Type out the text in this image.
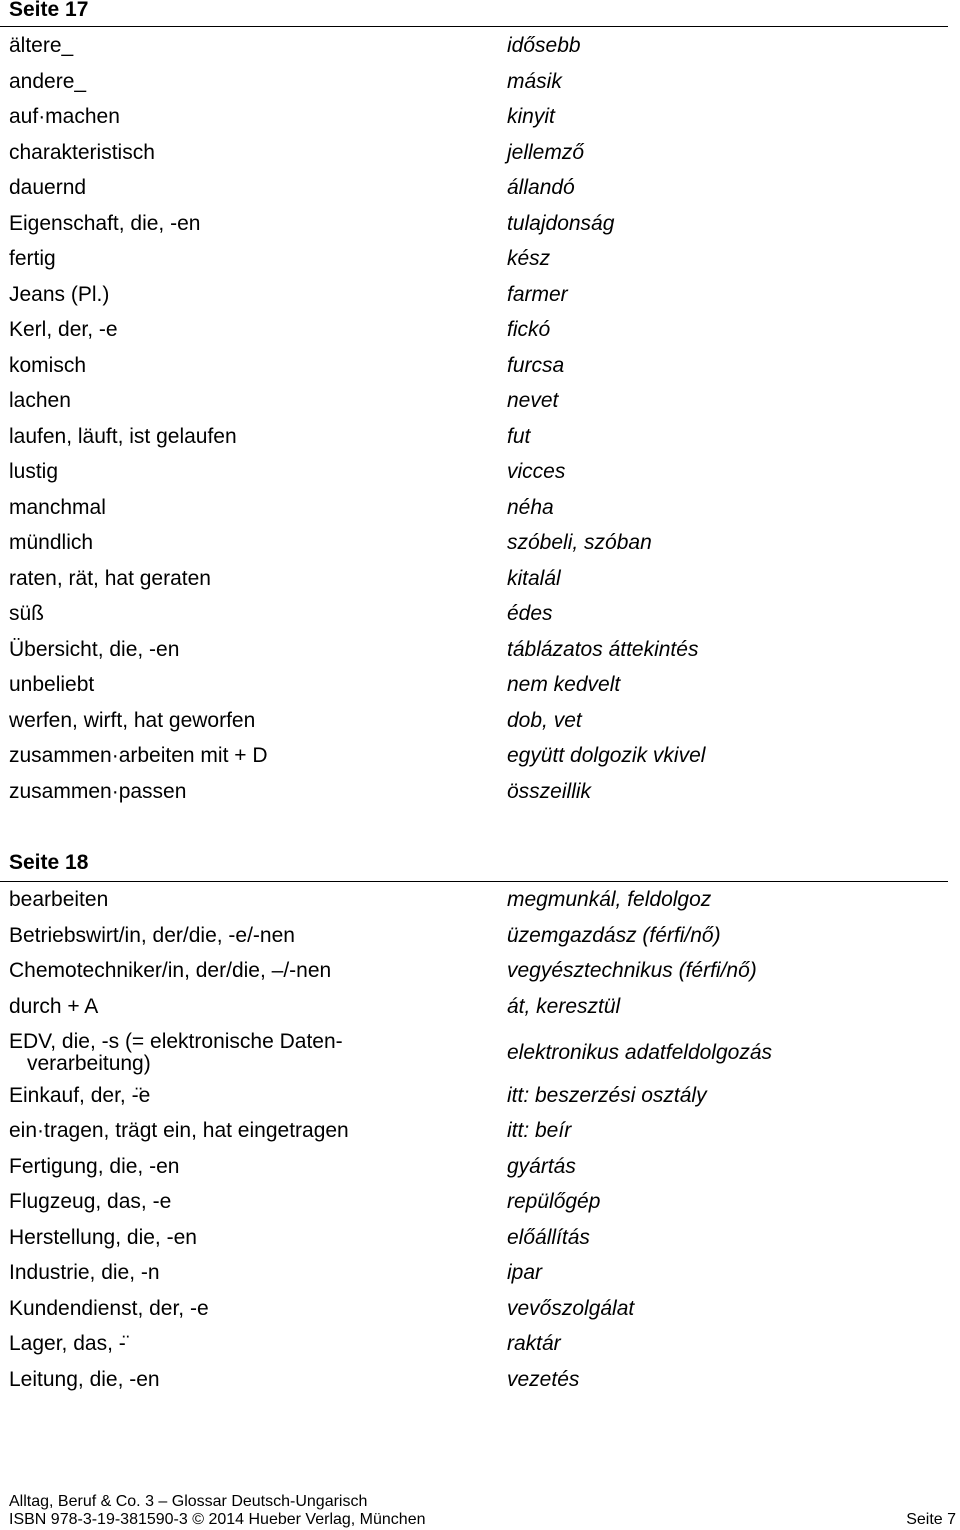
Seite 17
ältere_	idősebb
andere_	másik
auf·machen	kinyit
charakteristisch	jellemző
dauernd	állandó
Eigenschaft, die, -en	tulajdonság
fertig	kész
Jeans (Pl.)	farmer
Kerl, der, -e	fickó
komisch	furcsa
lachen	nevet
laufen, läuft, ist gelaufen	fut
lustig	vicces
manchmal	néha
mündlich	szóbeli, szóban
raten, rät, hat geraten	kitalál
süß	édes
Übersicht, die, -en	táblázatos áttekintés
unbeliebt	nem kedvelt
werfen, wirft, hat geworfen	dob, vet
zusammen·arbeiten mit + D	együtt dolgozik vkivel
zusammen·passen	összeillik
Seite 18
bearbeiten	megmunkál, feldolgoz
Betriebswirt/in, der/die, -e/-nen	üzemgazdász (férfi/nő)
Chemotechniker/in, der/die, –/-nen	vegyésztechnikus (férfi/nő)
durch + A	át, keresztül
EDV, die, -s (= elektronische Daten-
verarbeitung)	elektronikus adatfeldolgozás
Einkauf, der, -̈e	itt: beszerzési osztály
ein·tragen, trägt ein, hat eingetragen	itt: beír
Fertigung, die, -en	gyártás
Flugzeug, das, -e	repülőgép
Herstellung, die, -en	előállítás
Industrie, die, -n	ipar
Kundendienst, der, -e	vevőszolgálat
Lager, das, -̈	raktár
Leitung, die, -en	vezetés
Alltag, Beruf & Co. 3 – Glossar Deutsch-Ungarisch
ISBN 978-3-19-381590-3 © 2014 Hueber Verlag, München	Seite 7
